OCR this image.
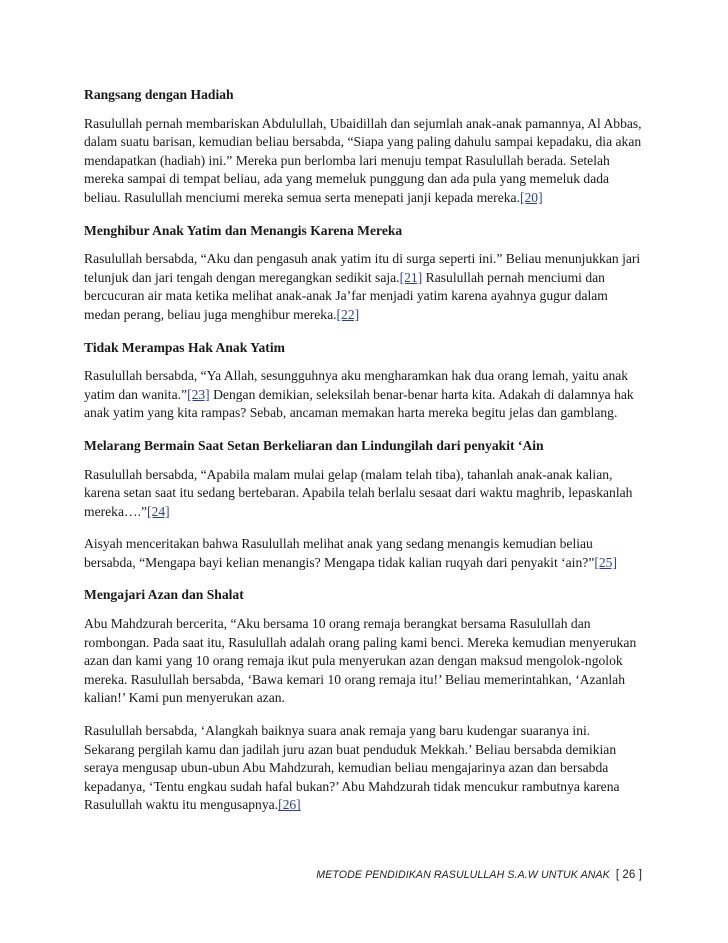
Rangsang dengan Hadiah

Rasulullah pernah membariskan Abdulullah, Ubaidillah dan sejumlah anak-anak pamannya, Al Abbas, dalam suatu barisan, kemudian beliau bersabda, “Siapa yang paling dahulu sampai kepadaku, dia akan mendapatkan (hadiah) ini.” Mereka pun berlomba lari menuju tempat Rasulullah berada. Setelah mereka sampai di tempat beliau, ada yang memeluk punggung dan ada pula yang memeluk dada beliau. Rasulullah menciumi mereka semua serta menepati janji kepada mereka.[20]

Menghibur Anak Yatim dan Menangis Karena Mereka

Rasulullah bersabda, “Aku dan pengasuh anak yatim itu di surga seperti ini.” Beliau menunjukkan jari telunjuk dan jari tengah dengan meregangkan sedikit saja.[21] Rasulullah pernah menciumi dan bercucuran air mata ketika melihat anak-anak Ja’far menjadi yatim karena ayahnya gugur dalam medan perang, beliau juga menghibur mereka.[22]

Tidak Merampas Hak Anak Yatim

Rasulullah bersabda, “Ya Allah, sesungguhnya aku mengharamkan hak dua orang lemah, yaitu anak yatim dan wanita.”[23] Dengan demikian, seleksilah benar-benar harta kita. Adakah di dalamnya hak anak yatim yang kita rampas? Sebab, ancaman memakan harta mereka begitu jelas dan gamblang.

Melarang Bermain Saat Setan Berkeliaran dan Lindungilah dari penyakit ‘Ain

Rasulullah bersabda, “Apabila malam mulai gelap (malam telah tiba), tahanlah anak-anak kalian, karena setan saat itu sedang bertebaran. Apabila telah berlalu sesaat dari waktu maghrib, lepaskanlah mereka….”[24]

Aisyah menceritakan bahwa Rasulullah melihat anak yang sedang menangis kemudian beliau bersabda, “Mengapa bayi kelian menangis? Mengapa tidak kalian ruqyah dari penyakit ‘ain?”[25]

Mengajari Azan dan Shalat

Abu Mahdzurah bercerita, “Aku bersama 10 orang remaja berangkat bersama Rasulullah dan rombongan. Pada saat itu, Rasulullah adalah orang paling kami benci. Mereka kemudian menyerukan azan dan kami yang 10 orang remaja ikut pula menyerukan azan dengan maksud mengolok-ngolok mereka. Rasulullah bersabda, ‘Bawa kemari 10 orang remaja itu!’ Beliau memerintahkan, ‘Azanlah kalian!’ Kami pun menyerukan azan.

Rasulullah bersabda, ‘Alangkah baiknya suara anak remaja yang baru kudengar suaranya ini. Sekarang pergilah kamu dan jadilah juru azan buat penduduk Mekkah.’ Beliau bersabda demikian seraya mengusap ubun-ubun Abu Mahdzurah, kemudian beliau mengajarinya azan dan bersabda kepadanya, ‘Tentu engkau sudah hafal bukan?’ Abu Mahdzurah tidak mencukur rambutnya karena Rasulullah waktu itu mengusapnya.[26]

METODE PENDIDIKAN RASULULLAH S.A.W UNTUK ANAK [ 26 ]
